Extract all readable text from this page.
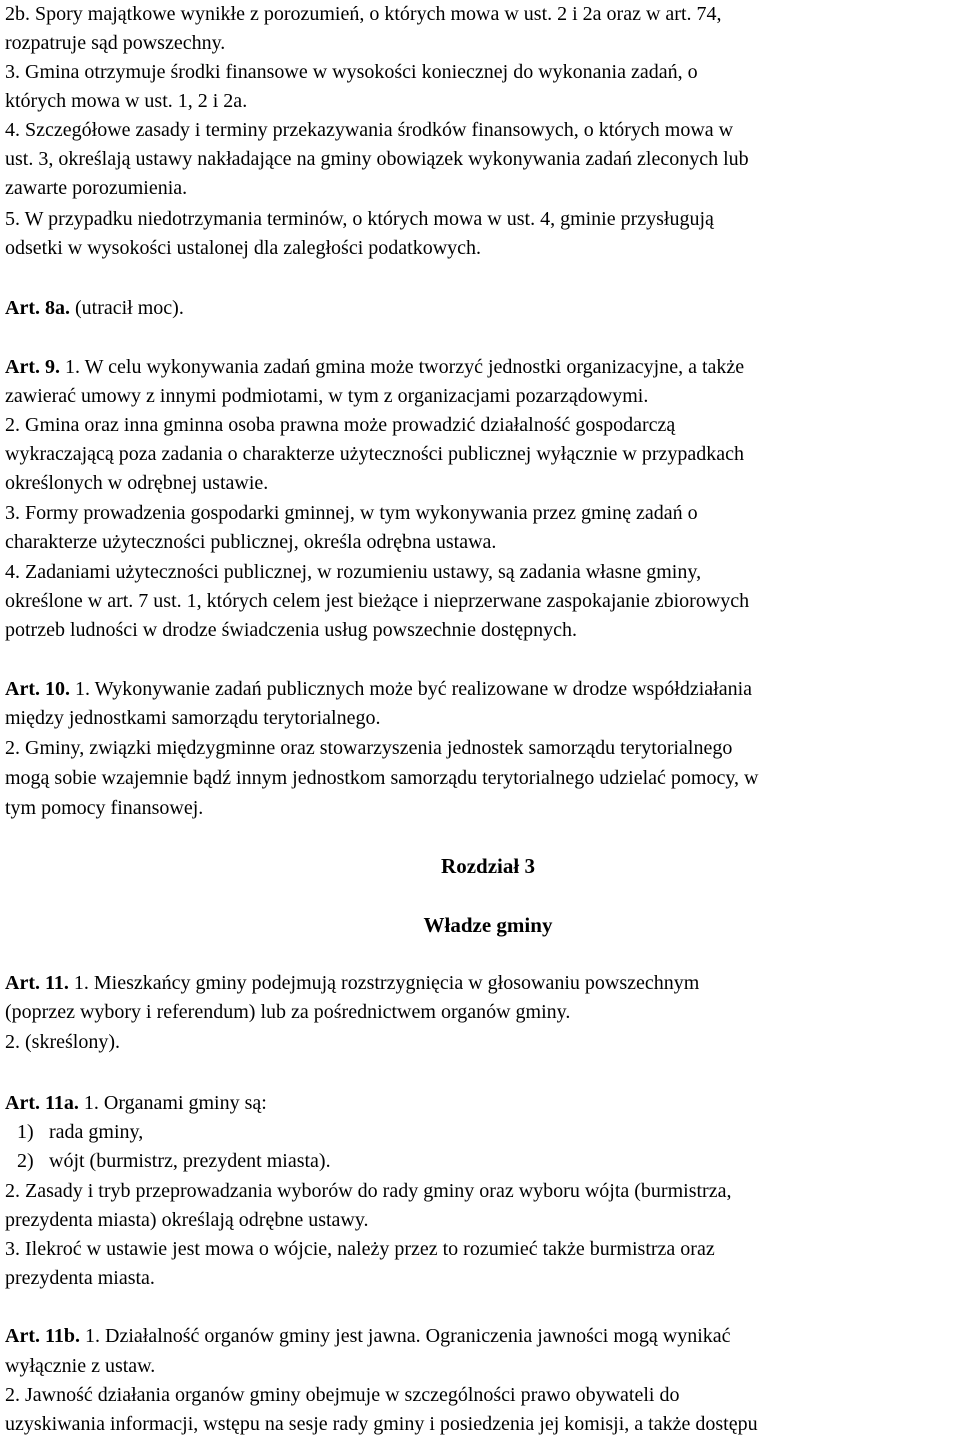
2b. Spory majątkowe wynikłe z porozumień, o których mowa w ust. 2 i 2a oraz w art. 74,
rozpatruje sąd powszechny.
3. Gmina otrzymuje środki finansowe w wysokości koniecznej do wykonania zadań, o
których mowa w ust. 1, 2 i 2a.
4. Szczegółowe zasady i terminy przekazywania środków finansowych, o których mowa w
ust. 3, określają ustawy nakładające na gminy obowiązek wykonywania zadań zleconych lub
zawarte porozumienia.
5. W przypadku niedotrzymania terminów, o których mowa w ust. 4, gminie przysługują
odsetki w wysokości ustalonej dla zaległości podatkowych.
Art. 8a. (utracił moc).
Art. 9. 1. W celu wykonywania zadań gmina może tworzyć jednostki organizacyjne, a także
zawierać umowy z innymi podmiotami, w tym z organizacjami pozarządowymi.
2. Gmina oraz inna gminna osoba prawna może prowadzić działalność gospodarczą
wykraczającą poza zadania o charakterze użyteczności publicznej wyłącznie w przypadkach
określonych w odrębnej ustawie.
3. Formy prowadzenia gospodarki gminnej, w tym wykonywania przez gminę zadań o
charakterze użyteczności publicznej, określa odrębna ustawa.
4. Zadaniami użyteczności publicznej, w rozumieniu ustawy, są zadania własne gminy,
określone w art. 7 ust. 1, których celem jest bieżące i nieprzerwane zaspokajanie zbiorowych
potrzeb ludności w drodze świadczenia usług powszechnie dostępnych.
Art. 10. 1. Wykonywanie zadań publicznych może być realizowane w drodze współdziałania
między jednostkami samorządu terytorialnego.
2. Gminy, związki międzygminne oraz stowarzyszenia jednostek samorządu terytorialnego
mogą sobie wzajemnie bądź innym jednostkom samorządu terytorialnego udzielać pomocy, w
tym pomocy finansowej.
Rozdział 3
Władze gminy
Art. 11. 1. Mieszkańcy gminy podejmują rozstrzygnięcia w głosowaniu powszechnym
(poprzez wybory i referendum) lub za pośrednictwem organów gminy.
2. (skreślony).
Art. 11a. 1. Organami gminy są:
1) rada gminy,
2) wójt (burmistrz, prezydent miasta).
2. Zasady i tryb przeprowadzania wyborów do rady gminy oraz wyboru wójta (burmistrza,
prezydenta miasta) określają odrębne ustawy.
3. Ilekroć w ustawie jest mowa o wójcie, należy przez to rozumieć także burmistrza oraz
prezydenta miasta.
Art. 11b. 1. Działalność organów gminy jest jawna. Ograniczenia jawności mogą wynikać
wyłącznie z ustaw.
2. Jawność działania organów gminy obejmuje w szczególności prawo obywateli do
uzyskiwania informacji, wstępu na sesje rady gminy i posiedzenia jej komisji, a także dostępu
